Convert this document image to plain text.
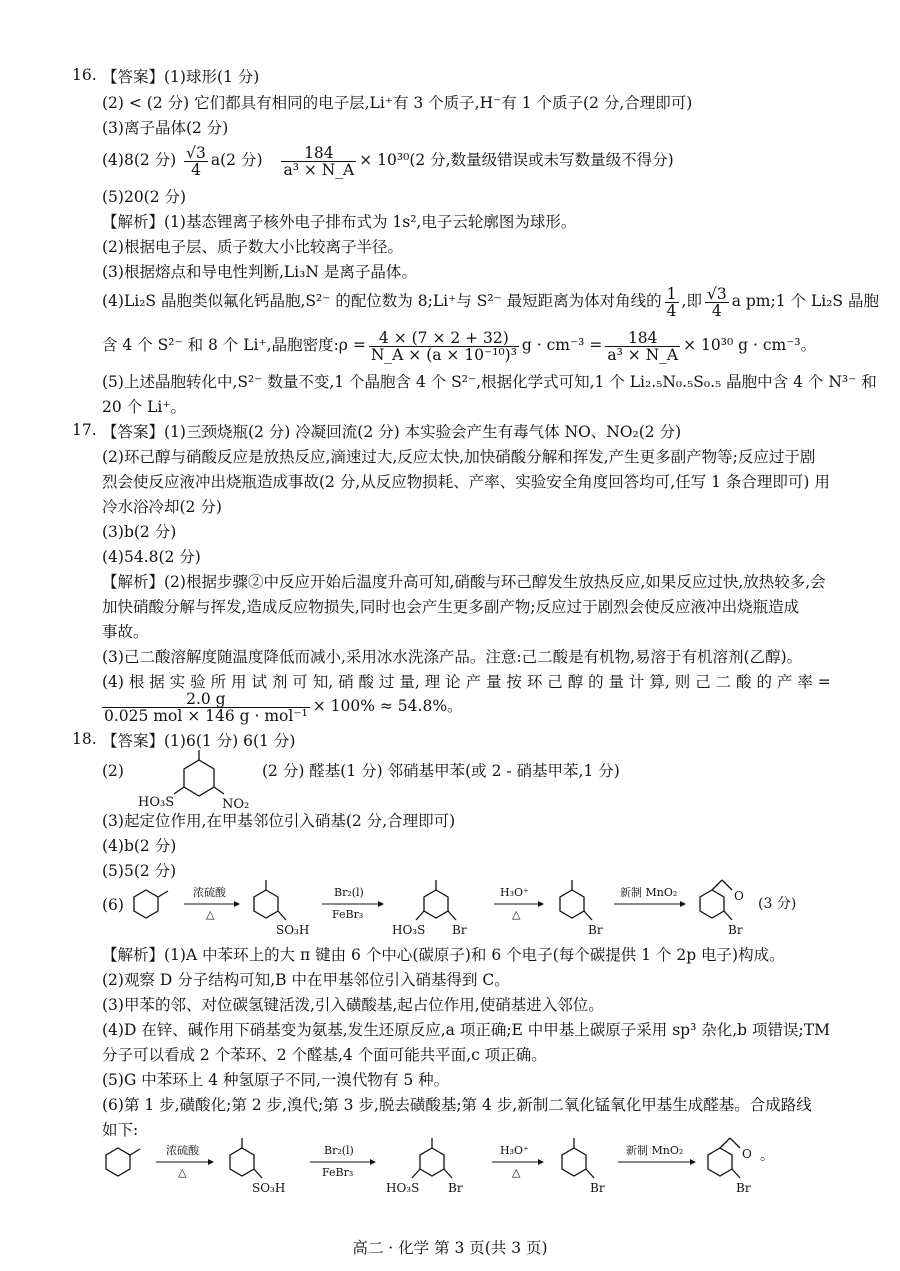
16. 【答案】(1)球形(1 分)
(2) < (2 分) 它们都具有相同的电子层,Li⁺有 3 个质子,H⁻有 1 个质子(2 分,合理即可)
(3)离子晶体(2 分)
(4)8(2 分) $\frac{√3}{4} a(2$ 分) $\frac{184}{\text{a³ × N\_A}} \times 10^{30}(2$ 分,数量级错误或未写数量级不得分)
(5)20(2 分)
【解析】(1)基态锂离子核外电子排布式为 1s²,电子云轮廓图为球形。
(2)根据电子层、质子数大小比较离子半径。
(3)根据熔点和导电性判断,Li₃N 是离子晶体。
(4)Li₂S 晶胞类似氟化钙晶胞,S²⁻ 的配位数为 8;Li⁺与 S²⁻ 最短距离为体对角线的 $\frac{1}{4}$ ,即 $\frac{√3}{4}$ a pm;1 个 Li₂S 晶胞
含 4 个 S²⁻ 和 8 个 Li⁺,晶胞密度:ρ = $\frac{4 \times (7 \times 2 + 32)}{\text{N\_A × (a × 10⁻¹⁰)³}}$ $g \cdot cm^{-3} = \frac{184}{\text{a³ × N\_A}} \times 10^{30}$ g · cm⁻³。
(5)上述晶胞转化中,S²⁻ 数量不变,1 个晶胞含 4 个 S²⁻,根据化学式可知,1 个 Li₂.₅N₀.₅S₀.₅ 晶胞中含 4 个 N³⁻ 和
20 个 Li⁺。
17. 【答案】(1)三颈烧瓶(2 分) 冷凝回流(2 分) 本实验会产生有毒气体 NO、NO₂(2 分)
(2)环己醇与硝酸反应是放热反应,滴速过大,反应太快,加快硝酸分解和挥发,产生更多副产物等;反应过于剧
烈会使反应液冲出烧瓶造成事故(2 分,从反应物损耗、产率、实验安全角度回答均可,任写 1 条合理即可) 用
冷水浴冷却(2 分)
(3)b(2 分)
(4)54.8(2 分)
【解析】(2)根据步骤②中反应开始后温度升高可知,硝酸与环己醇发生放热反应,如果反应过快,放热较多,会
加快硝酸分解与挥发,造成反应物损失,同时也会产生更多副产物;反应过于剧烈会使反应液冲出烧瓶造成
事故。
(3)己二酸溶解度随温度降低而减小,采用冰水洗涤产品。注意:己二酸是有机物,易溶于有机溶剂(乙醇)。
(4) 根 据 实 验 所 用 试 剂 可 知, 硝 酸 过 量, 理 论 产 量 按 环 己 醇 的 量 计 算, 则 己 二 酸 的 产 率 =
$\frac{2.0 g}{\text{0.025 mol × 146 g · mol⁻¹}} \times 100\% \approx 54.8\%$。
18. 【答案】(1)6(1 分) 6(1 分)
(2)
HO₃S	NO₂
(2 分) 醛基(1 分) 邻硝基甲苯(或 2 - 硝基甲苯,1 分)
(3)起定位作用,在甲基邻位引入硝基(2 分,合理即可)
(4)b(2 分)
(5)5(2 分)
(6)
浓硫酸
△
SO₃H
Br₂(l)
FeBr₃
HO₃S Br
H₃O⁺
△
Br
新制 MnO₂	O
Br
(3 分)
【解析】(1)A 中苯环上的大 π 键由 6 个中心(碳原子)和 6 个电子(每个碳提供 1 个 2p 电子)构成。
(2)观察 D 分子结构可知,B 中在甲基邻位引入硝基得到 C。
(3)甲苯的邻、对位碳氢键活泼,引入磺酸基,起占位作用,使硝基进入邻位。
(4)D 在锌、碱作用下硝基变为氨基,发生还原反应,a 项正确;E 中甲基上碳原子采用 sp³ 杂化,b 项错误;TM
分子可以看成 2 个苯环、2 个醛基,4 个面可能共平面,c 项正确。
(5)G 中苯环上 4 种氢原子不同,一溴代物有 5 种。
(6)第 1 步,磺酸化;第 2 步,溴代;第 3 步,脱去磺酸基;第 4 步,新制二氧化锰氧化甲基生成醛基。合成路线
如下:
浓硫酸
△
SO₃H
Br₂(l)
FeBr₃
HO₃S Br
H₃O⁺
△
Br
新制 MnO₂	O
Br
。
高二 · 化学 第 3 页(共 3 页)
